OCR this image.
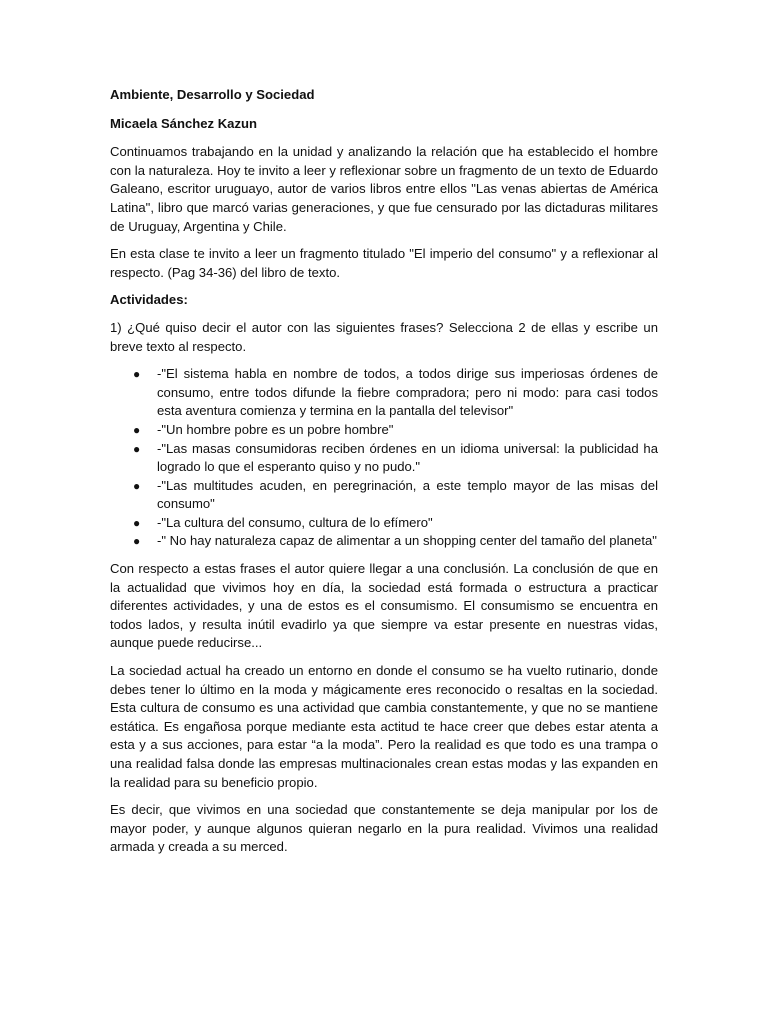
Ambiente, Desarrollo y Sociedad
Micaela Sánchez Kazun

Continuamos trabajando en la unidad y analizando la relación que ha establecido el hombre con la naturaleza. Hoy te invito a leer y reflexionar sobre un fragmento de un texto de Eduardo Galeano, escritor uruguayo, autor de varios libros entre ellos "Las venas abiertas de América Latina", libro que marcó varias generaciones, y que fue censurado por las dictaduras militares de Uruguay, Argentina y Chile.

En esta clase te invito a leer un fragmento titulado "El imperio del consumo" y a reflexionar al respecto. (Pag 34-36) del libro de texto.

Actividades:

1) ¿Qué quiso decir el autor con las siguientes frases? Selecciona 2 de ellas y escribe un breve texto al respecto.

● -"El sistema habla en nombre de todos, a todos dirige sus imperiosas órdenes de consumo, entre todos difunde la fiebre compradora; pero ni modo: para casi todos esta aventura comienza y termina en la pantalla del televisor"
● -"Un hombre pobre es un pobre hombre"
● -"Las masas consumidoras reciben órdenes en un idioma universal: la publicidad ha logrado lo que el esperanto quiso y no pudo."
● -"Las multitudes acuden, en peregrinación, a este templo mayor de las misas del consumo"
● -"La cultura del consumo, cultura de lo efímero"
● -" No hay naturaleza capaz de alimentar a un shopping center del tamaño del planeta"

Con respecto a estas frases el autor quiere llegar a una conclusión. La conclusión de que en la actualidad que vivimos hoy en día, la sociedad está formada o estructura a practicar diferentes actividades, y una de estos es el consumismo. El consumismo se encuentra en todos lados, y resulta inútil evadirlo ya que siempre va estar presente en nuestras vidas, aunque puede reducirse...

La sociedad actual ha creado un entorno en donde el consumo se ha vuelto rutinario, donde debes tener lo último en la moda y mágicamente eres reconocido o resaltas en la sociedad. Esta cultura de consumo es una actividad que cambia constantemente, y que no se mantiene estática. Es engañosa porque mediante esta actitud te hace creer que debes estar atenta a esta y a sus acciones, para estar “a la moda”. Pero la realidad es que todo es una trampa o una realidad falsa donde las empresas multinacionales crean estas modas y las expanden en la realidad para su beneficio propio.

Es decir, que vivimos en una sociedad que constantemente se deja manipular por los de mayor poder, y aunque algunos quieran negarlo en la pura realidad. Vivimos una realidad armada y creada a su merced.
